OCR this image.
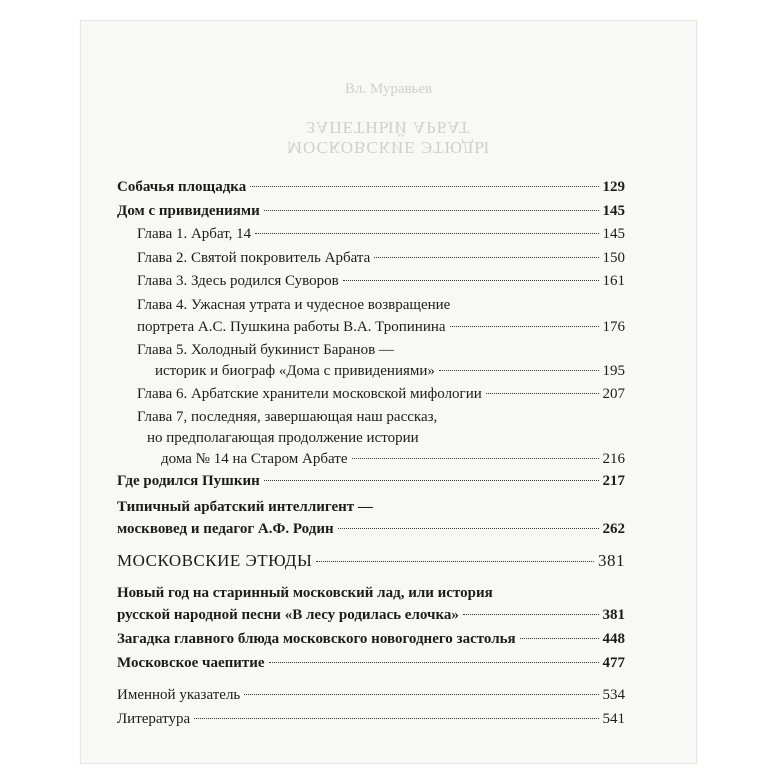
Вл. Муравьев
ЗАПЕТНЫЙ АРБАТ
МОСКОВСКИЕ ЭТЮДЫ
Собачья площадка	129
Дом с привидениями	145
Глава 1. Арбат, 14	145
Глава 2. Святой покровитель Арбата	150
Глава 3. Здесь родился Суворов	161
Глава 4. Ужасная утрата и чудесное возвращение
портрета А.С. Пушкина работы В.А. Тропинина	176
Глава 5. Холодный букинист Баранов —
историк и биограф «Дома с привидениями»	195
Глава 6. Арбатские хранители московской мифологии	207
Глава 7, последняя, завершающая наш рассказ,
но предполагающая продолжение истории
дома № 14 на Старом Арбате	216
Где родился Пушкин	217
Типичный арбатский интеллигент —
москвовед и педагог А.Ф. Родин	262
МОСКОВСКИЕ ЭТЮДЫ	381
Новый год на старинный московский лад, или история
русской народной песни «В лесу родилась елочка»	381
Загадка главного блюда московского новогоднего застолья	448
Московское чаепитие	477
Именной указатель	534
Литература	541
